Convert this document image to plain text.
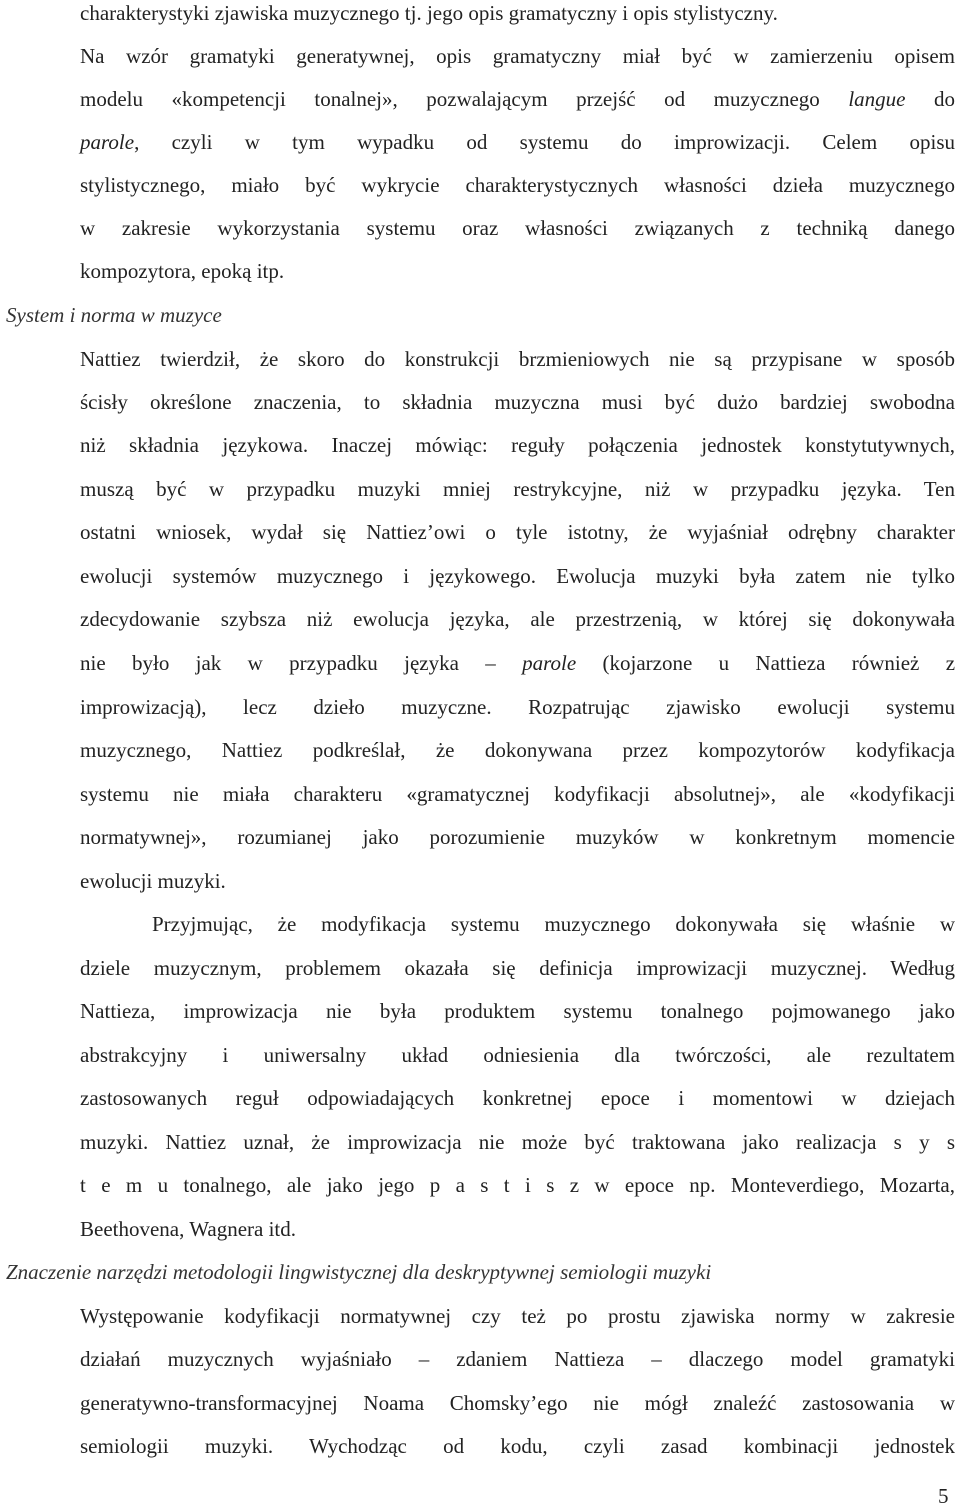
charakterystyki zjawiska muzycznego tj. jego opis gramatyczny i opis stylistyczny.
Na wzór gramatyki generatywnej, opis gramatyczny miał być w zamierzeniu opisem
modelu «kompetencji tonalnej», pozwalającym przejść od muzycznego langue do
parole, czyli w tym wypadku od systemu do improwizacji. Celem opisu
stylistycznego, miało być wykrycie charakterystycznych własności dzieła muzycznego
w zakresie wykorzystania systemu oraz własności związanych z techniką danego
kompozytora, epoką itp.
System i norma w muzyce
Nattiez twierdził, że skoro do konstrukcji brzmieniowych nie są przypisane w sposób
ścisły określone znaczenia, to składnia muzyczna musi być dużo bardziej swobodna
niż składnia językowa. Inaczej mówiąc: reguły połączenia jednostek konstytutywnych,
muszą być w przypadku muzyki mniej restrykcyjne, niż w przypadku języka. Ten
ostatni wniosek, wydał się Nattiez’owi o tyle istotny, że wyjaśniał odrębny charakter
ewolucji systemów muzycznego i językowego. Ewolucja muzyki była zatem nie tylko
zdecydowanie szybsza niż ewolucja języka, ale przestrzenią, w której się dokonywała
nie było jak w przypadku języka – parole (kojarzone u Nattieza również z
improwizacją), lecz dzieło muzyczne. Rozpatrując zjawisko ewolucji systemu
muzycznego, Nattiez podkreślał, że dokonywana przez kompozytorów kodyfikacja
systemu nie miała charakteru «gramatycznej kodyfikacji absolutnej», ale «kodyfikacji
normatywnej», rozumianej jako porozumienie muzyków w konkretnym momencie
ewolucji muzyki.
Przyjmując, że modyfikacja systemu muzycznego dokonywała się właśnie w
dziele muzycznym, problemem okazała się definicja improwizacji muzycznej. Według
Nattieza, improwizacja nie była produktem systemu tonalnego pojmowanego jako
abstrakcyjny i uniwersalny układ odniesienia dla twórczości, ale rezultatem
zastosowanych reguł odpowiadających konkretnej epoce i momentowi w dziejach
muzyki. Nattiez uznał, że improwizacja nie może być traktowana jako realizacja s y s
t e m u tonalnego, ale jako jego p a s t i s z w epoce np. Monteverdiego, Mozarta,
Beethovena, Wagnera itd.
Znaczenie narzędzi metodologii lingwistycznej dla deskryptywnej semiologii muzyki
Występowanie kodyfikacji normatywnej czy też po prostu zjawiska normy w zakresie
działań muzycznych wyjaśniało – zdaniem Nattieza – dlaczego model gramatyki
generatywno-transformacyjnej Noama Chomsky’ego nie mógł znaleźć zastosowania w
semiologii muzyki. Wychodząc od kodu, czyli zasad kombinacji jednostek
5
